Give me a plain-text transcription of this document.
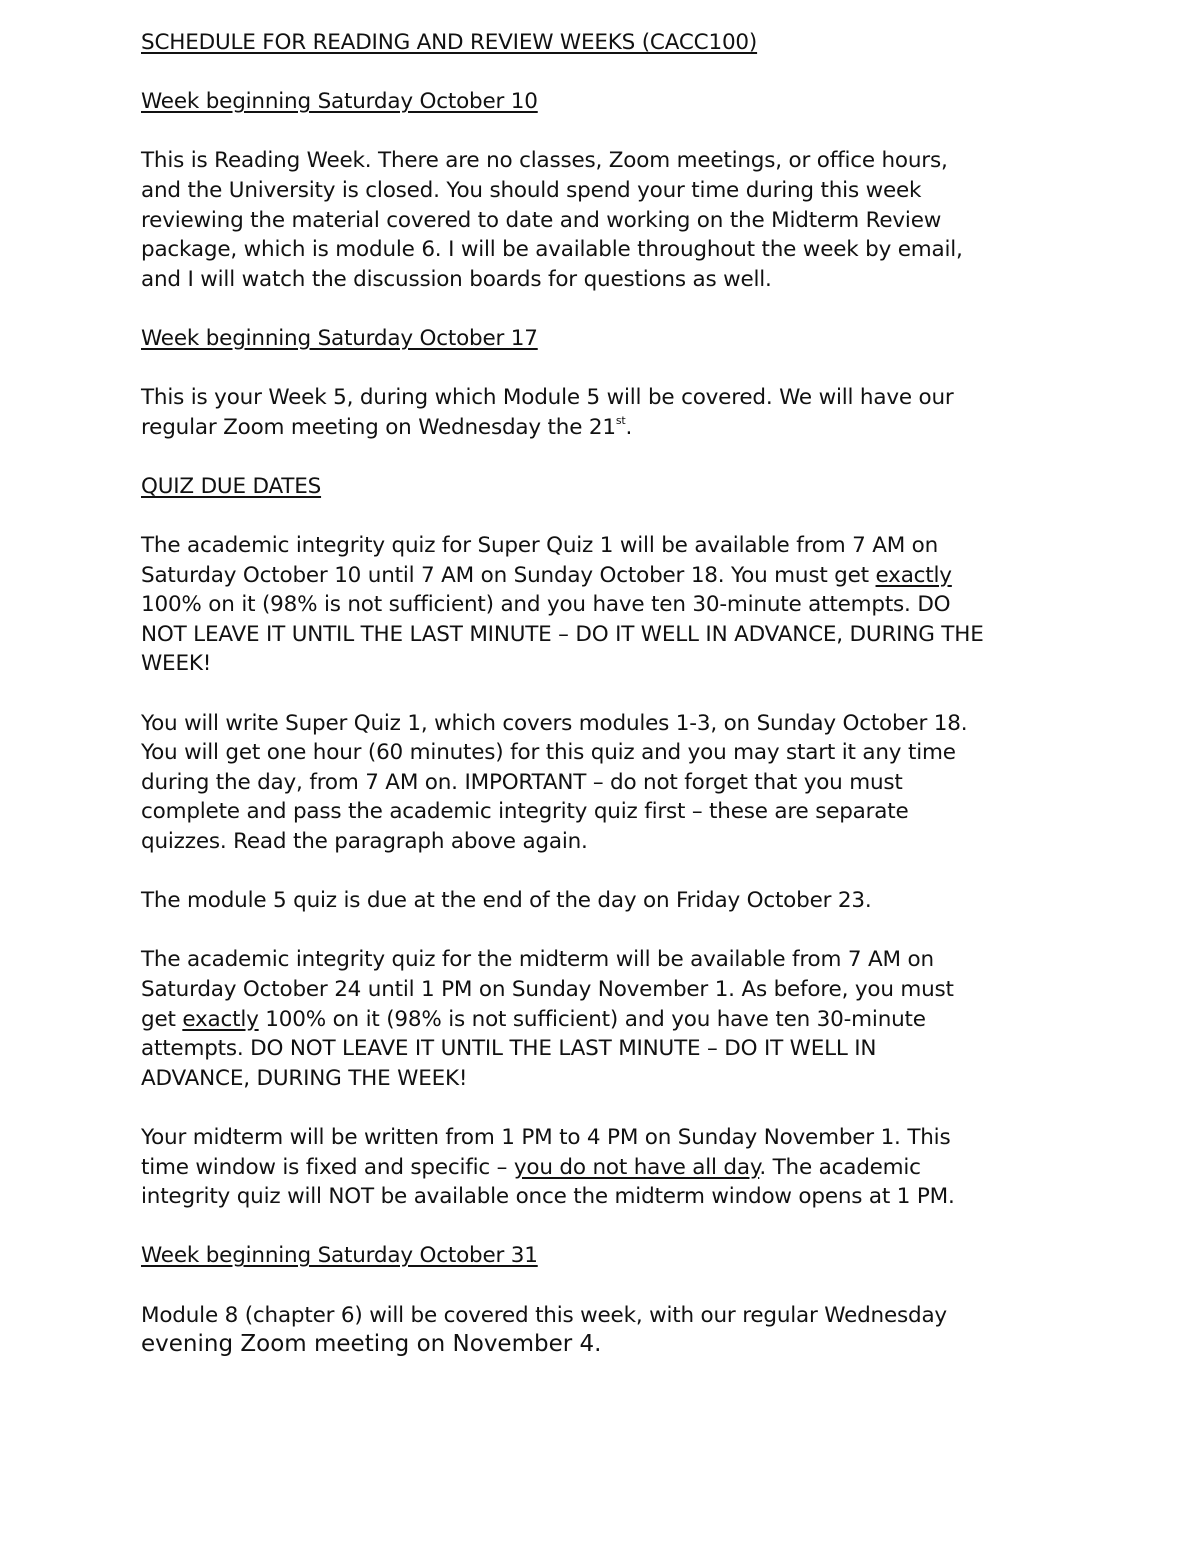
SCHEDULE FOR READING AND REVIEW WEEKS (CACC100)
Week beginning Saturday October 10
This is Reading Week. There are no classes, Zoom meetings, or office hours,
and the University is closed. You should spend your time during this week
reviewing the material covered to date and working on the Midterm Review
package, which is module 6. I will be available throughout the week by email,
and I will watch the discussion boards for questions as well.
Week beginning Saturday October 17
This is your Week 5, during which Module 5 will be covered. We will have our
regular Zoom meeting on Wednesday the 21st.
QUIZ DUE DATES
The academic integrity quiz for Super Quiz 1 will be available from 7 AM on
Saturday October 10 until 7 AM on Sunday October 18. You must get exactly
100% on it (98% is not sufficient) and you have ten 30-minute attempts. DO
NOT LEAVE IT UNTIL THE LAST MINUTE – DO IT WELL IN ADVANCE, DURING THE
WEEK!
You will write Super Quiz 1, which covers modules 1-3, on Sunday October 18.
You will get one hour (60 minutes) for this quiz and you may start it any time
during the day, from 7 AM on. IMPORTANT – do not forget that you must
complete and pass the academic integrity quiz first – these are separate
quizzes. Read the paragraph above again.
The module 5 quiz is due at the end of the day on Friday October 23.
The academic integrity quiz for the midterm will be available from 7 AM on
Saturday October 24 until 1 PM on Sunday November 1. As before, you must
get exactly 100% on it (98% is not sufficient) and you have ten 30-minute
attempts. DO NOT LEAVE IT UNTIL THE LAST MINUTE – DO IT WELL IN
ADVANCE, DURING THE WEEK!
Your midterm will be written from 1 PM to 4 PM on Sunday November 1. This
time window is fixed and specific – you do not have all day. The academic
integrity quiz will NOT be available once the midterm window opens at 1 PM.
Week beginning Saturday October 31
Module 8 (chapter 6) will be covered this week, with our regular Wednesday
evening Zoom meeting on November 4.
